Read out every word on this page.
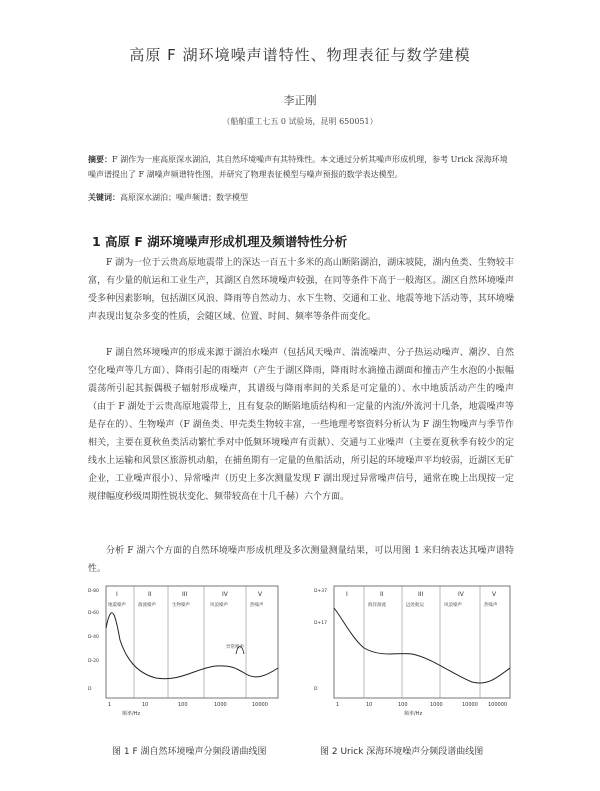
高原 F 湖环境噪声谱特性、物理表征与数学建模
李正刚
（船舶重工七五 0 试验场，昆明 650051）
摘要：F 湖作为一座高原深水湖泊，其自然环境噪声有其特殊性。本文通过分析其噪声形成机理，参考 Urick 深海环境噪声谱提出了 F 湖噪声频谱特性图，并研究了物理表征模型与噪声预报的数学表达模型。
关键词：高原深水湖泊；噪声频谱；数学模型
1 高原 F 湖环境噪声形成机理及频谱特性分析
F 湖为一位于云贵高原地震带上的深达一百五十多米的高山断陷湖泊，湖床坡陡，湖内鱼类、生物较丰富，有少量的航运和工业生产，其湖区自然环境噪声较强，在同等条件下高于一般海区。湖区自然环境噪声受多种因素影响，包括湖区风浪、降雨等自然动力、水下生物、交通和工业、地震等地下活动等，其环境噪声表现出复杂多变的性质，会随区域、位置、时间、频率等条件而变化。
F 湖自然环境噪声的形成来源于湖泊水噪声（包括风天噪声、湍流噪声、分子热运动噪声、潮汐、自然空化噪声等几方面）、降雨引起的雨噪声（产生于湖区降雨，降雨时水滴撞击湖面和撞击产生水泡的小振幅震荡所引起其振偶极子辐射形成噪声，其谱级与降雨率间的关系是可定量的）、水中地质活动产生的噪声（由于 F 湖处于云贵高原地震带上，且有复杂的断陷地质结构和一定量的内流/外流河十几条，地震噪声等是存在的）、生物噪声（F 湖鱼类、甲壳类生物较丰富，一些地理考察资料分析认为 F 湖生物噪声与季节作相关，主要在夏秋鱼类活动繁忙季对中低频环境噪声有贡献）、交通与工业噪声（主要在夏秋季有较少的定线水上运输和风景区旅游机动船，在捕鱼期有一定量的鱼船活动，所引起的环境噪声平均较弱，近湖区无矿企业，工业噪声很小）、异常噪声（历史上多次测量发现 F 湖出现过异常噪声信号，通常在晚上出现按一定规律幅度秒级周期性锐状变化、频带较高在十几千赫）六个方面。
分析 F 湖六个方面的自然环境噪声形成机理及多次测量测量结果，可以用图 1 来归纳表达其噪声谱特性。
I	II	III	IV	V
地震噪声	湍流噪声	生物噪声	风浪噪声	热噪声
异常噪声
D-80
D-60
D-40
D-20
D
1	10	100	1000	10000
频率/Hz
I	II	III	IV	V
海洋湍流	远处航运	风浪噪声	热噪声
D+37
D+17
D
1	10	100	1000	10000 100000
频率/Hz
图 1 F 湖自然环境噪声分频段谱曲线图	图 2 Urick 深海环境噪声分频段谱曲线图
